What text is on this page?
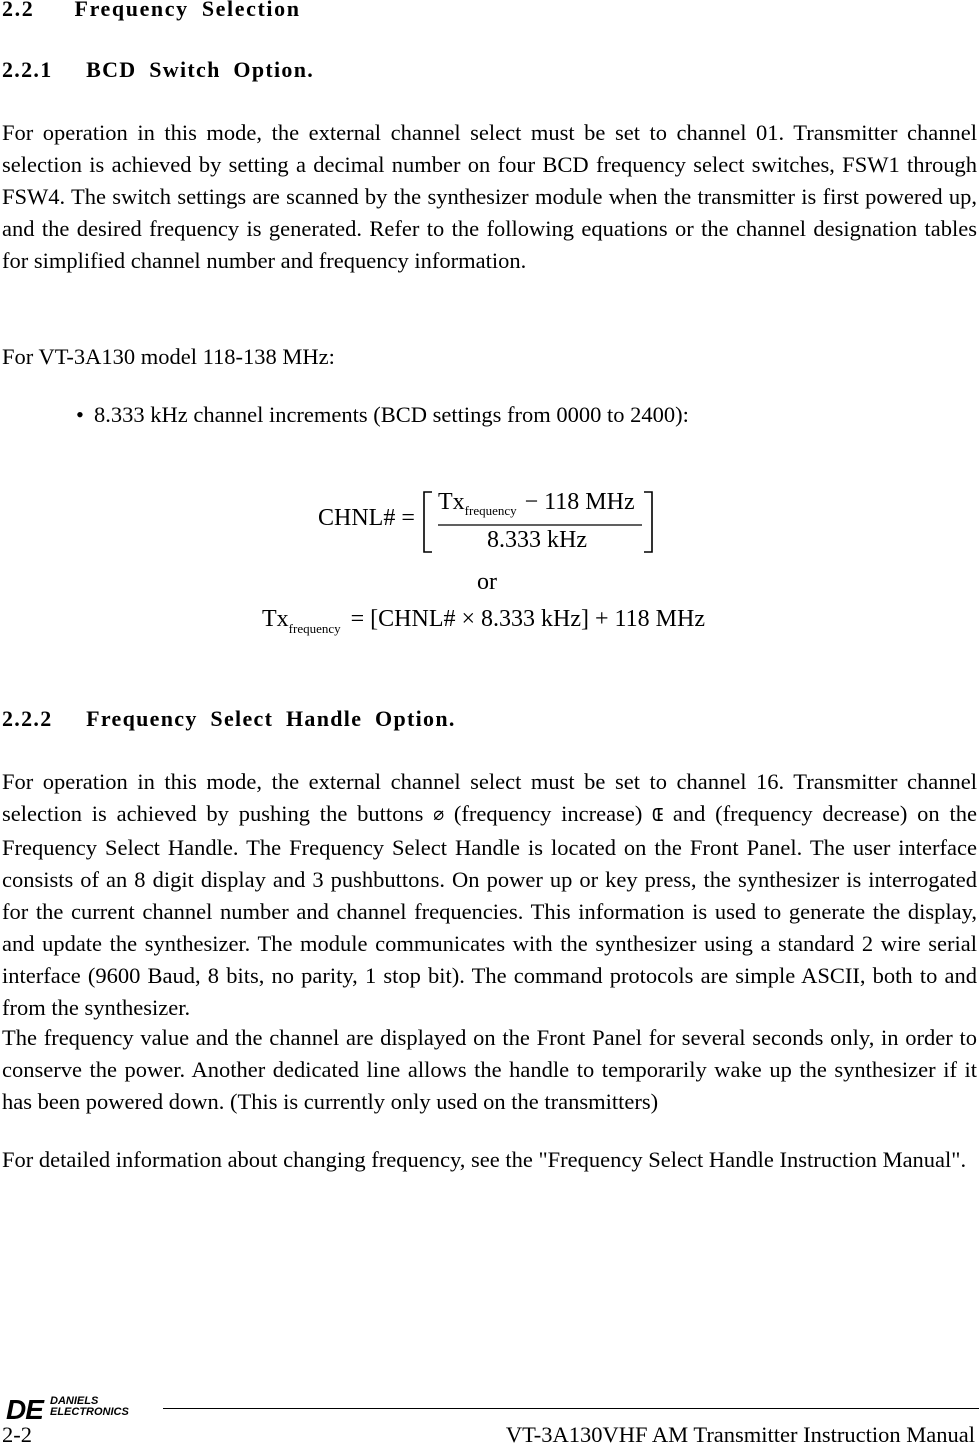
2.2 Frequency Selection
2.2.1 BCD Switch Option.
For operation in this mode, the external channel select must be set to channel 01. Transmitter channel selection is achieved by setting a decimal number on four BCD frequency select switches, FSW1 through FSW4. The switch settings are scanned by the synthesizer module when the transmitter is first powered up, and the desired frequency is generated. Refer to the following equations or the channel designation tables for simplified channel number and frequency information.
For VT-3A130 model 118-138 MHz:
• 8.333 kHz channel increments (BCD settings from 0000 to 2400):
CHNL# =
$Tx_{frequency} - 118$ MHz
8.333 kHz
or
$Tx_{frequency}$ = [CHNL# × 8.333 kHz] + 118 MHz
2.2.2 Frequency Select Handle Option.
For operation in this mode, the external channel select must be set to channel 16. Transmitter channel selection is achieved by pushing the buttons ∅ (frequency increase) Œ and (frequency decrease) on the Frequency Select Handle. The Frequency Select Handle is located on the Front Panel. The user interface consists of an 8 digit display and 3 pushbuttons. On power up or key press, the synthesizer is interrogated for the current channel number and channel frequencies. This information is used to generate the display, and update the synthesizer. The module communicates with the synthesizer using a standard 2 wire serial interface (9600 Baud, 8 bits, no parity, 1 stop bit). The command protocols are simple ASCII, both to and from the synthesizer.
The frequency value and the channel are displayed on the Front Panel for several seconds only, in order to conserve the power. Another dedicated line allows the handle to temporarily wake up the synthesizer if it has been powered down. (This is currently only used on the transmitters)
For detailed information about changing frequency, see the "Frequency Select Handle Instruction Manual".
DE DANIELS
ELECTRONICS
2-2	VT-3A130VHF AM Transmitter Instruction Manual
